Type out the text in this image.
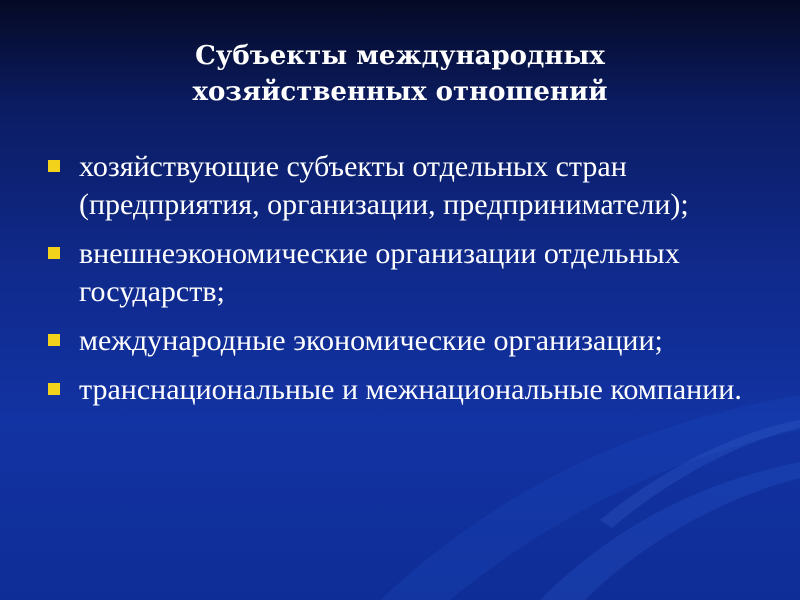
Субъекты международных
хозяйственных отношений
хозяйствующие субъекты отдельных стран (предприятия, организации, предприниматели);
внешнеэкономические организации отдельных государств;
международные экономические организации;
транснациональные и межнациональные компании.
